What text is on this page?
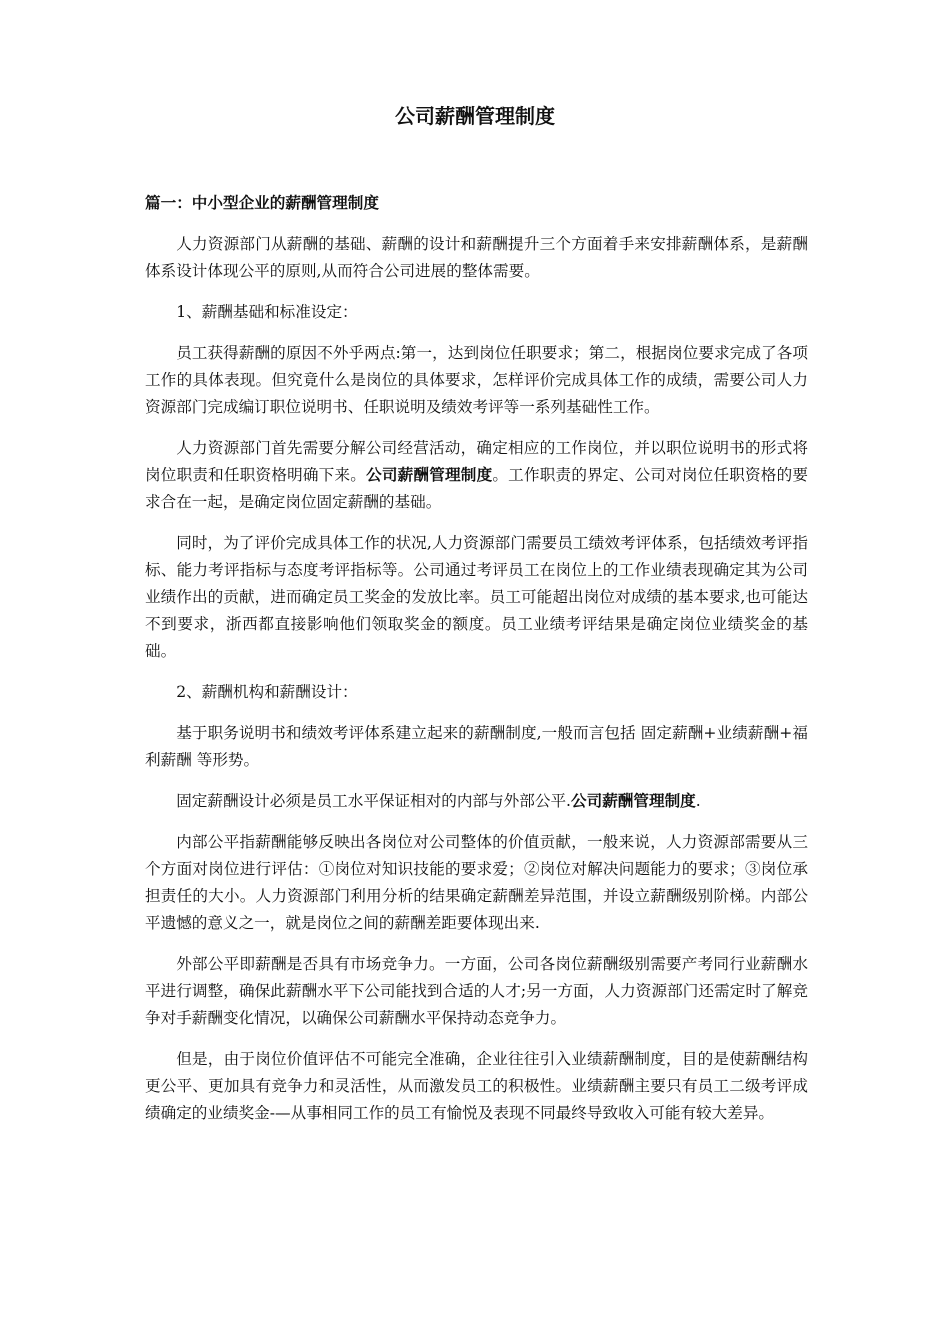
公司薪酬管理制度
篇一：中小型企业的薪酬管理制度

人力资源部门从薪酬的基础、薪酬的设计和薪酬提升三个方面着手来安排薪酬体系，是薪酬体系设计体现公平的原则,从而符合公司进展的整体需要。

1、薪酬基础和标准设定：

员工获得薪酬的原因不外乎两点:第一，达到岗位任职要求；第二，根据岗位要求完成了各项工作的具体表现。但究竟什么是岗位的具体要求，怎样评价完成具体工作的成绩，需要公司人力资源部门完成编订职位说明书、任职说明及绩效考评等一系列基础性工作。

人力资源部门首先需要分解公司经营活动，确定相应的工作岗位，并以职位说明书的形式将岗位职责和任职资格明确下来。公司薪酬管理制度。工作职责的界定、公司对岗位任职资格的要求合在一起，是确定岗位固定薪酬的基础。

同时，为了评价完成具体工作的状况,人力资源部门需要员工绩效考评体系，包括绩效考评指标、能力考评指标与态度考评指标等。公司通过考评员工在岗位上的工作业绩表现确定其为公司业绩作出的贡献，进而确定员工奖金的发放比率。员工可能超出岗位对成绩的基本要求,也可能达不到要求，浙西都直接影响他们领取奖金的额度。员工业绩考评结果是确定岗位业绩奖金的基础。

2、薪酬机构和薪酬设计：

基于职务说明书和绩效考评体系建立起来的薪酬制度,一般而言包括 固定薪酬+业绩薪酬+福利薪酬 等形势。

固定薪酬设计必须是员工水平保证相对的内部与外部公平.公司薪酬管理制度.

内部公平指薪酬能够反映出各岗位对公司整体的价值贡献，一般来说，人力资源部需要从三个方面对岗位进行评估：①岗位对知识技能的要求爱；②岗位对解决问题能力的要求；③岗位承担责任的大小。人力资源部门利用分析的结果确定薪酬差异范围，并设立薪酬级别阶梯。内部公平遗憾的意义之一，就是岗位之间的薪酬差距要体现出来.

外部公平即薪酬是否具有市场竞争力。一方面，公司各岗位薪酬级别需要产考同行业薪酬水平进行调整，确保此薪酬水平下公司能找到合适的人才;另一方面，人力资源部门还需定时了解竞争对手薪酬变化情况，以确保公司薪酬水平保持动态竞争力。

但是，由于岗位价值评估不可能完全准确，企业往往引入业绩薪酬制度，目的是使薪酬结构更公平、更加具有竞争力和灵活性，从而激发员工的积极性。业绩薪酬主要只有员工二级考评成绩确定的业绩奖金-—从事相同工作的员工有愉悦及表现不同最终导致收入可能有较大差异。
